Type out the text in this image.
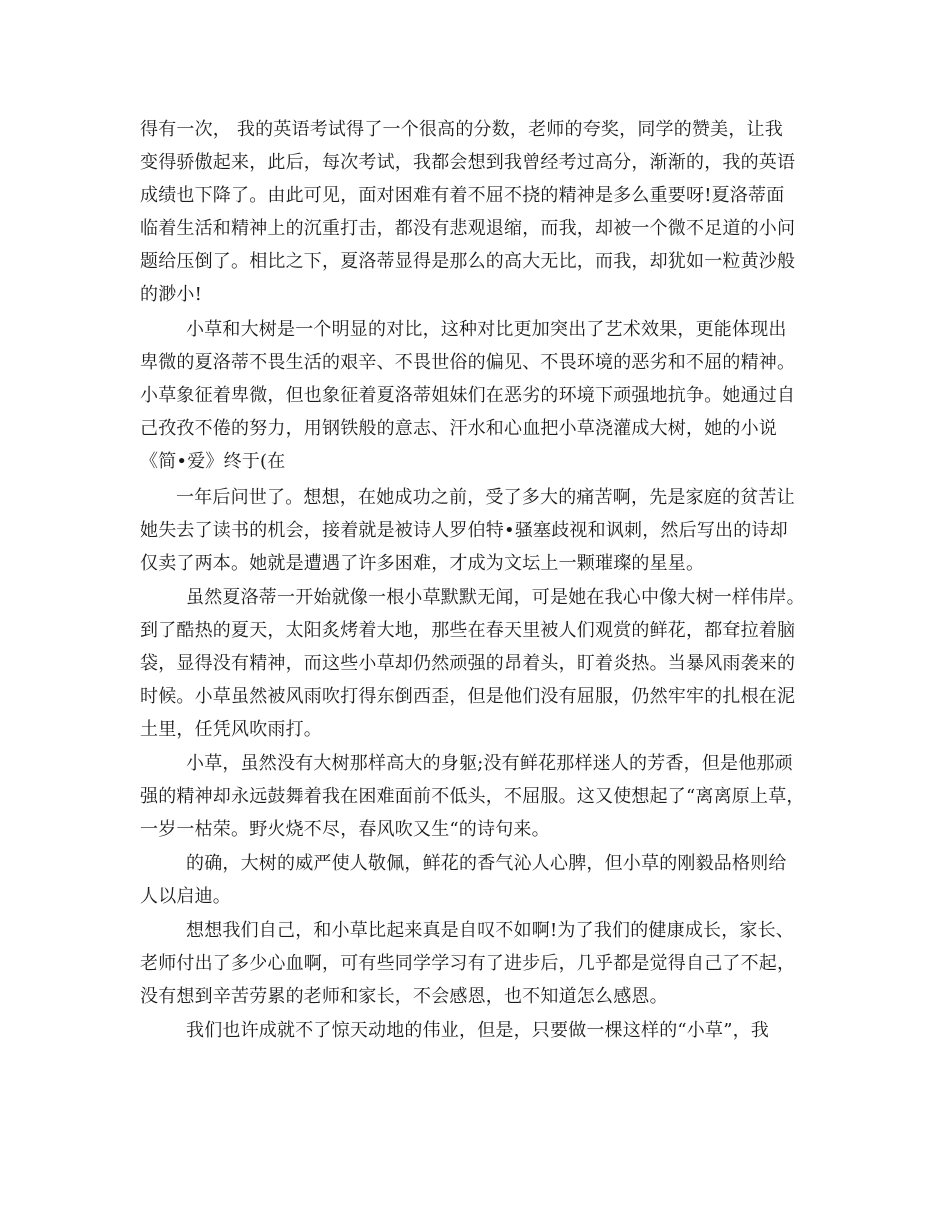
得有一次， 我的英语考试得了一个很高的分数，老师的夸奖，同学的赞美，让我
变得骄傲起来，此后，每次考试，我都会想到我曾经考过高分，渐渐的，我的英语
成绩也下降了。由此可见，面对困难有着不屈不挠的精神是多么重要呀!夏洛蒂面
临着生活和精神上的沉重打击，都没有悲观退缩，而我，却被一个微不足道的小问
题给压倒了。相比之下，夏洛蒂显得是那么的高大无比，而我，却犹如一粒黄沙般
的渺小!
小草和大树是一个明显的对比，这种对比更加突出了艺术效果，更能体现出
卑微的夏洛蒂不畏生活的艰辛、不畏世俗的偏见、不畏环境的恶劣和不屈的精神。
小草象征着卑微，但也象征着夏洛蒂姐妹们在恶劣的环境下顽强地抗争。她通过自
己孜孜不倦的努力，用钢铁般的意志、汗水和心血把小草浇灌成大树，她的小说
《简•爱》终于(在
一年后问世了。想想，在她成功之前，受了多大的痛苦啊，先是家庭的贫苦让
她失去了读书的机会，接着就是被诗人罗伯特•骚塞歧视和讽刺，然后写出的诗却
仅卖了两本。她就是遭遇了许多困难，才成为文坛上一颗璀璨的星星。
虽然夏洛蒂一开始就像一根小草默默无闻，可是她在我心中像大树一样伟岸。
到了酷热的夏天，太阳炙烤着大地，那些在春天里被人们观赏的鲜花，都耷拉着脑
袋，显得没有精神，而这些小草却仍然顽强的昂着头，盯着炎热。当暴风雨袭来的
时候。小草虽然被风雨吹打得东倒西歪，但是他们没有屈服，仍然牢牢的扎根在泥
土里，任凭风吹雨打。
小草，虽然没有大树那样高大的身躯;没有鲜花那样迷人的芳香，但是他那顽
强的精神却永远鼓舞着我在困难面前不低头，不屈服。这又使想起了“离离原上草，
一岁一枯荣。野火烧不尽，春风吹又生“的诗句来。
的确，大树的威严使人敬佩，鲜花的香气沁人心脾，但小草的刚毅品格则给
人以启迪。
想想我们自己，和小草比起来真是自叹不如啊!为了我们的健康成长，家长、
老师付出了多少心血啊，可有些同学学习有了进步后，几乎都是觉得自己了不起，
没有想到辛苦劳累的老师和家长，不会感恩，也不知道怎么感恩。
我们也许成就不了惊天动地的伟业，但是，只要做一棵这样的“小草”，我
